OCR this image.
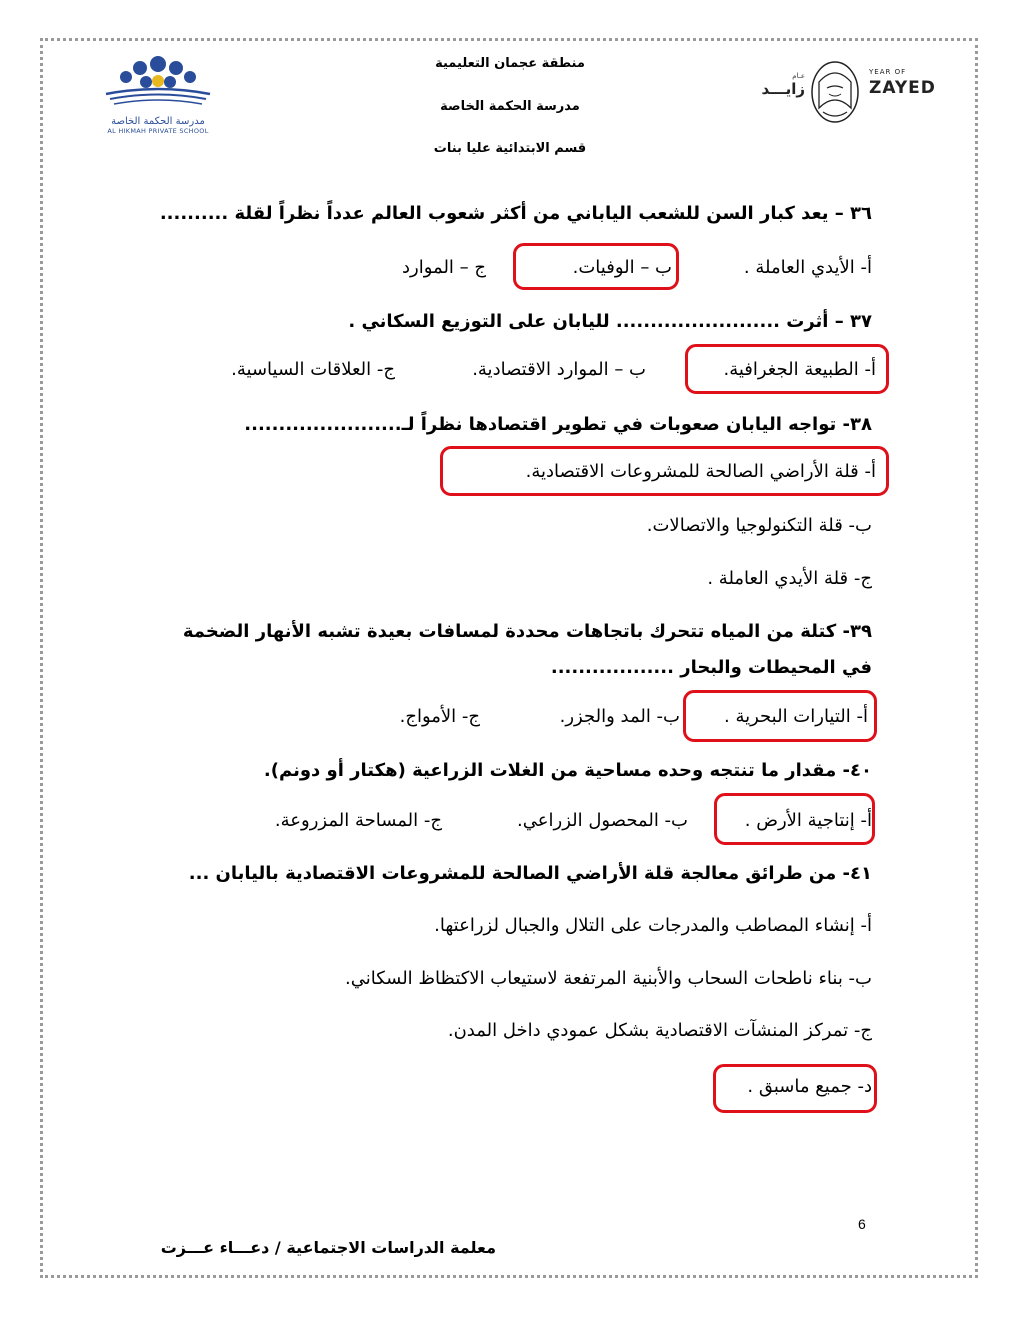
مدرسة الحكمة الخاصة
AL HIKMAH PRIVATE SCHOOL
منطقة عجمان التعليمية
مدرسة الحكمة الخاصة
قسم الابتدائية عليا بنات
عـام
زايـــد
YEAR OF
ZAYED
٣٦ – يعد كبار السن للشعب الياباني من أكثر شعوب العالم عدداً نظراً لقلة ..........
أ- الأيدي العاملة .
ب – الوفيات.
ج – الموارد
٣٧ – أثرت ........................ لليابان على التوزيع السكاني .
أ- الطبيعة الجغرافية.
ب – الموارد الاقتصادية.
ج- العلاقات السياسية.
٣٨- تواجه اليابان صعوبات في تطوير اقتصادها نظراً لـ.......................
أ- قلة الأراضي الصالحة للمشروعات الاقتصادية.
ب- قلة التكنولوجيا والاتصالات.
ج- قلة الأيدي العاملة .
٣٩- كتلة من المياه تتحرك باتجاهات محددة لمسافات بعيدة تشبه الأنهار الضخمة
في المحيطات والبحار ..................
أ- التيارات البحرية .
ب- المد والجزر.
ج- الأمواج.
٤٠- مقدار ما تنتجه وحده مساحية من الغلات الزراعية (هكتار أو دونم).
أ- إنتاجية الأرض .
ب- المحصول الزراعي.
ج- المساحة المزروعة.
٤١- من طرائق معالجة قلة الأراضي الصالحة للمشروعات الاقتصادية باليابان ...
أ- إنشاء المصاطب والمدرجات على التلال والجبال لزراعتها.
ب- بناء ناطحات السحاب والأبنية المرتفعة لاستيعاب الاكتظاظ السكاني.
ج- تمركز المنشآت الاقتصادية بشكل عمودي داخل المدن.
د- جميع ماسبق .
6
معلمة الدراسات الاجتماعية / دعـــاء عـــزت
